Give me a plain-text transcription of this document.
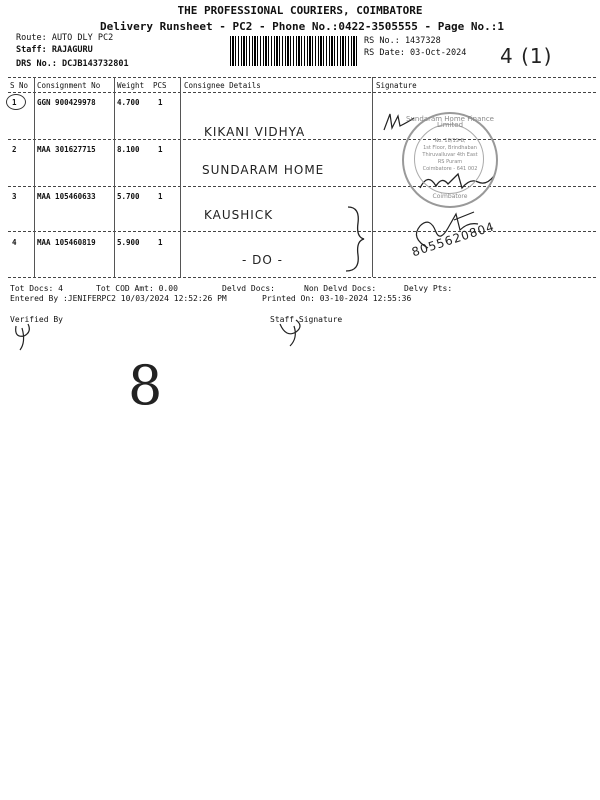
THE PROFESSIONAL COURIERS, COIMBATORE
Delivery Runsheet - PC2 - Phone No.:0422-3505555 - Page No.:1
Route: AUTO DLY PC2
Staff: RAJAGURU
DRS No.: DCJB143732801
RS No.: 1437328
RS Date: 03-Oct-2024 4 (1)
S No Consignment No Weight PCS Consignee Details	Signature
1	GGN 900429978	4.700 1
KIKANI VIDHYA
2	MAA 301627715	8.100 1
SUNDARAM HOME
3	MAA 105460633	5.700 1
KAUSHICK
4	MAA 105460819	5.900 1
- DO -
8055620804
Sundaram Home Finance Limited
No. 18/1S-B,
1st Floor, Brindhaban
Thiruvalluvar 4th East
RS Puram
Coimbatore - 641 002
Coimbatore
Tot Docs: 4	Tot COD Amt: 0.00	Delvd Docs:	Non Delvd Docs:	Delvy Pts:
Entered By :JENIFERPC2 10/03/2024 12:52:26 PM	Printed On: 03-10-2024 12:55:36
Verified By	Staff Signature
8
